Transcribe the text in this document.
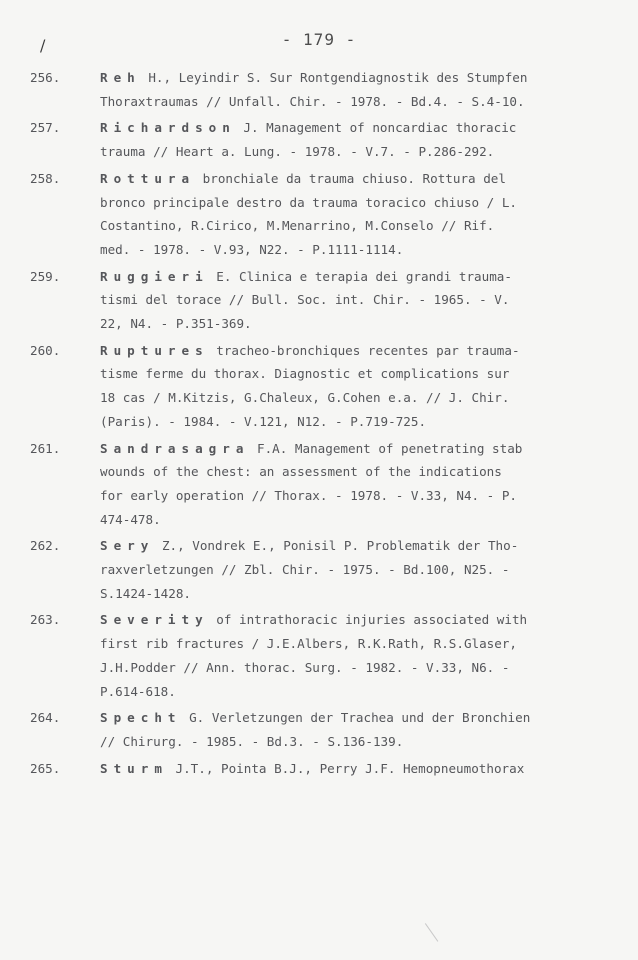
/	- 179 -
256.	Reh H., Leyindir S. Sur Rontgendiagnostik des Stumpfen
Thoraxtraumas // Unfall. Chir. - 1978. - Bd.4. - S.4-10.
257.	Richardson J. Management of noncardiac thoracic
trauma // Heart a. Lung. - 1978. - V.7. - P.286-292.
258.	Rottura bronchiale da trauma chiuso. Rottura del
bronco principale destro da trauma toracico chiuso / L.
Costantino, R.Cirico, M.Menarrino, M.Conselo // Rif.
med. - 1978. - V.93, N22. - P.1111-1114.
259.	Ruggieri E. Clinica e terapia dei grandi trauma-
tismi del torace // Bull. Soc. int. Chir. - 1965. - V.
22, N4. - P.351-369.
260.	Ruptures tracheo-bronchiques recentes par trauma-
tisme ferme du thorax. Diagnostic et complications sur
18 cas / M.Kitzis, G.Chaleux, G.Cohen e.a. // J. Chir.
(Paris). - 1984. - V.121, N12. - P.719-725.
261.	Sandrasagra F.A. Management of penetrating stab
wounds of the chest: an assessment of the indications
for early operation // Thorax. - 1978. - V.33, N4. - P.
474-478.
262.	Sery Z., Vondrek E., Ponisil P. Problematik der Tho-
raxverletzungen // Zbl. Chir. - 1975. - Bd.100, N25. -
S.1424-1428.
263.	Severity of intrathoracic injuries associated with
first rib fractures / J.E.Albers, R.K.Rath, R.S.Glaser,
J.H.Podder // Ann. thorac. Surg. - 1982. - V.33, N6. -
P.614-618.
264.	Specht G. Verletzungen der Trachea und der Bronchien
// Chirurg. - 1985. - Bd.3. - S.136-139.
265.	Sturm J.T., Pointa B.J., Perry J.F. Hemopneumothorax
